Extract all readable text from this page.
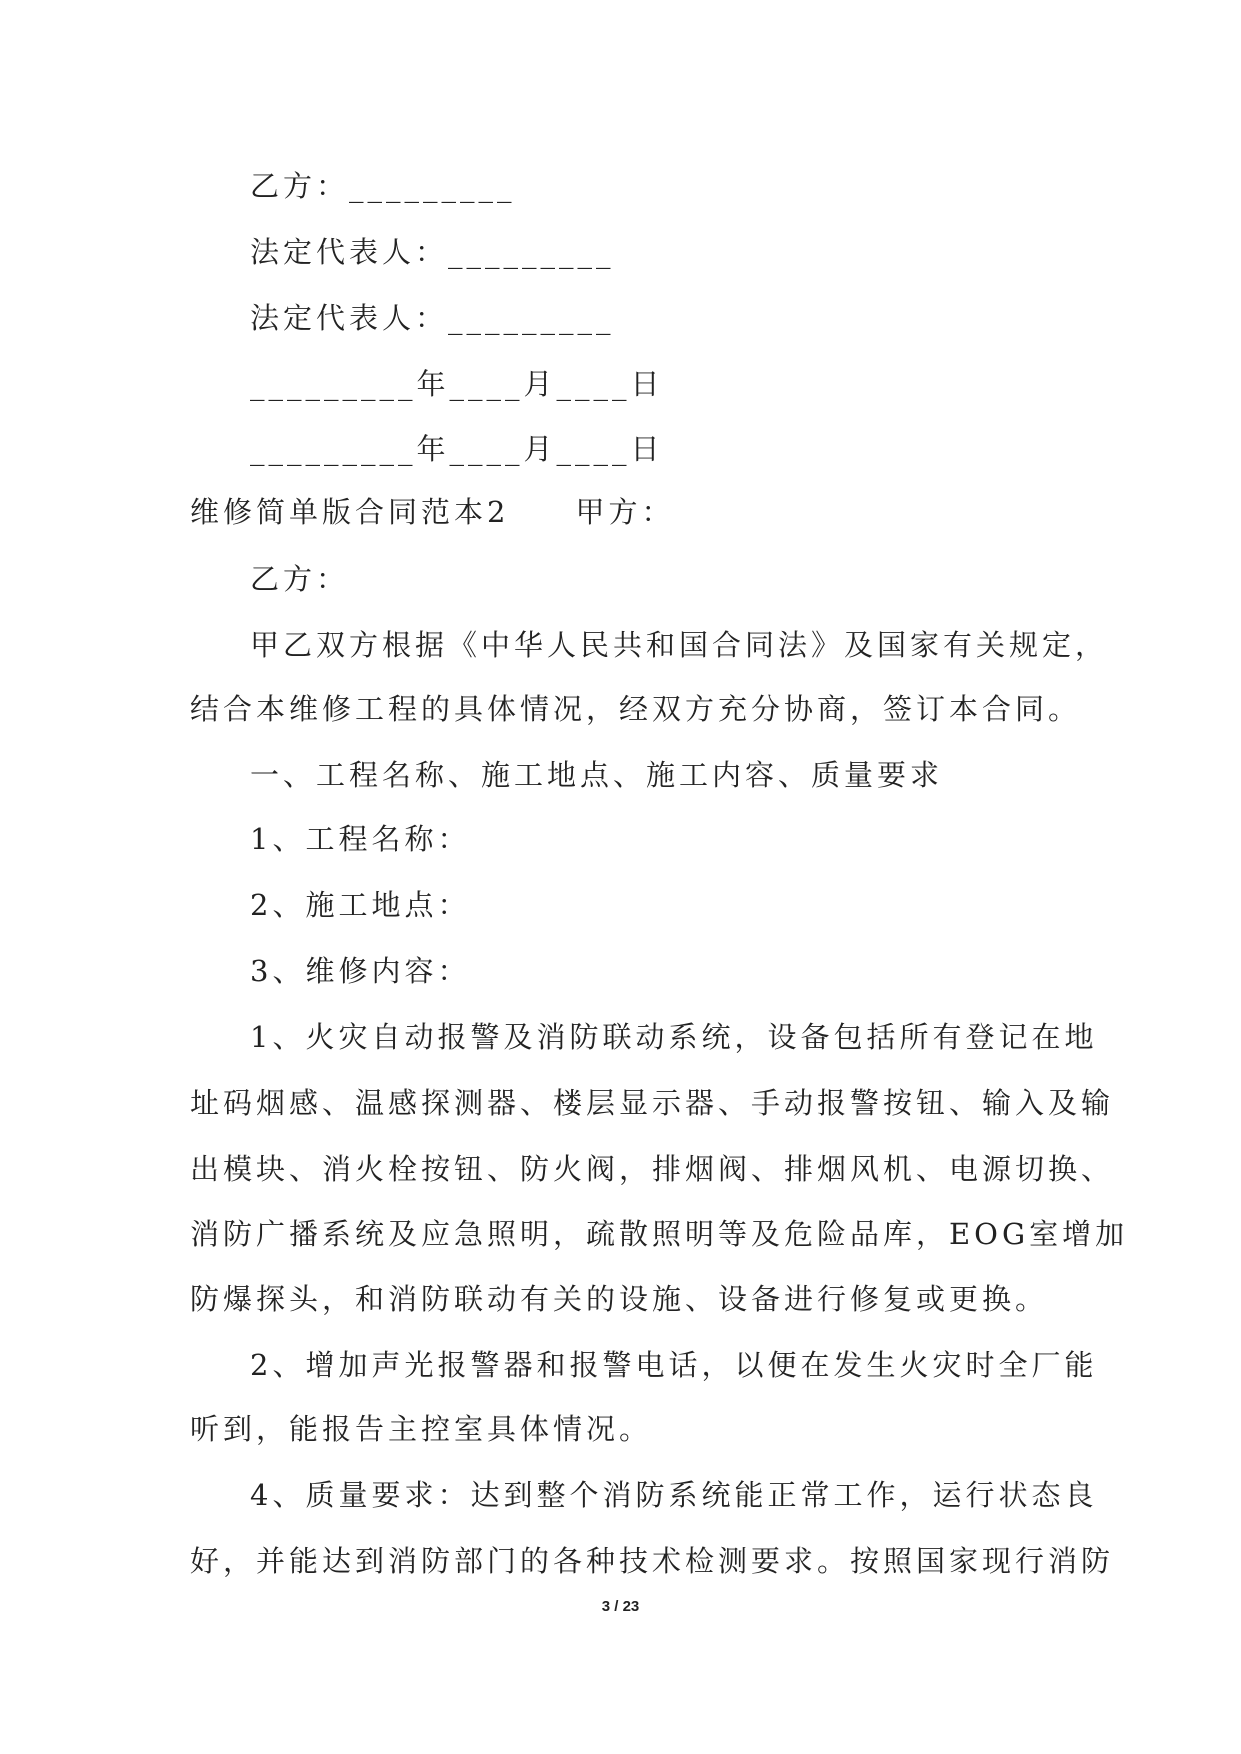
乙方：_________

法定代表人：_________

法定代表人：_________

_________年____月____日

_________年____月____日

维修简单版合同范本2　　甲方：

乙方：

甲乙双方根据《中华人民共和国合同法》及国家有关规定，

结合本维修工程的具体情况，经双方充分协商，签订本合同。

一、工程名称、施工地点、施工内容、质量要求

1、工程名称：

2、施工地点：

3、维修内容：

1、火灾自动报警及消防联动系统，设备包括所有登记在地

址码烟感、温感探测器、楼层显示器、手动报警按钮、输入及输

出模块、消火栓按钮、防火阀，排烟阀、排烟风机、电源切换、

消防广播系统及应急照明，疏散照明等及危险品库，EOG室增加

防爆探头，和消防联动有关的设施、设备进行修复或更换。

2、增加声光报警器和报警电话，以便在发生火灾时全厂能

听到，能报告主控室具体情况。

4、质量要求：达到整个消防系统能正常工作，运行状态良

好，并能达到消防部门的各种技术检测要求。按照国家现行消防

3 / 23
